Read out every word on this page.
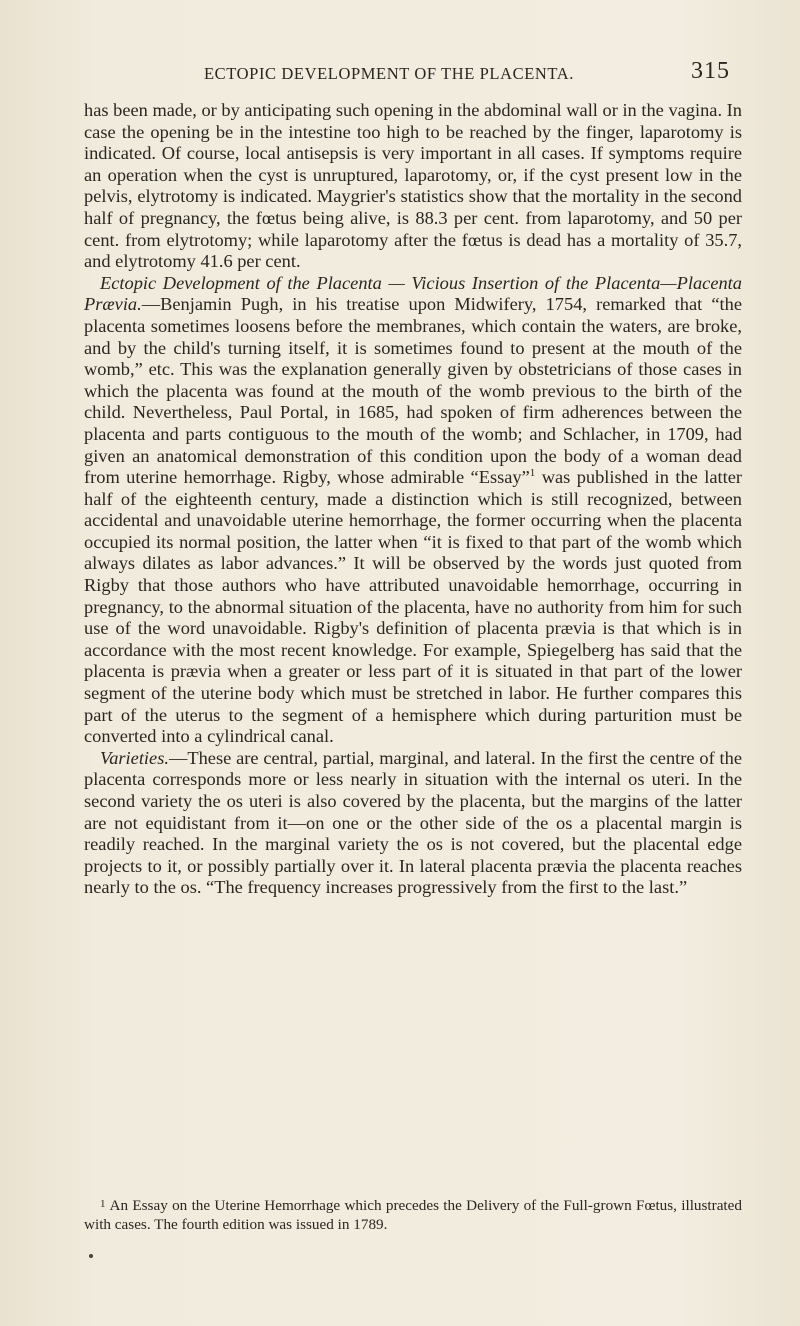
ECTOPIC DEVELOPMENT OF THE PLACENTA.	315

has been made, or by anticipating such opening in the abdominal wall or in the vagina. In case the opening be in the intestine too high to be reached by the finger, laparotomy is indicated. Of course, local antisepsis is very important in all cases. If symptoms require an operation when the cyst is unruptured, laparotomy, or, if the cyst present low in the pelvis, elytrotomy is indicated. Maygrier's statistics show that the mortality in the second half of pregnancy, the fœtus being alive, is 88.3 per cent. from laparotomy, and 50 per cent. from elytrotomy; while laparotomy after the fœtus is dead has a mortality of 35.7, and elytrotomy 41.6 per cent.

Ectopic Development of the Placenta — Vicious Insertion of the Placenta—Placenta Prævia.—Benjamin Pugh, in his treatise upon Midwifery, 1754, remarked that “the placenta sometimes loosens before the membranes, which contain the waters, are broke, and by the child's turning itself, it is sometimes found to present at the mouth of the womb,” etc. This was the explanation generally given by obstetricians of those cases in which the placenta was found at the mouth of the womb previous to the birth of the child. Nevertheless, Paul Portal, in 1685, had spoken of firm adherences between the placenta and parts contiguous to the mouth of the womb; and Schlacher, in 1709, had given an anatomical demonstration of this condition upon the body of a woman dead from uterine hemorrhage. Rigby, whose admirable “Essay”$^1$ was published in the latter half of the eighteenth century, made a distinction which is still recognized, between accidental and unavoidable uterine hemorrhage, the former occurring when the placenta occupied its normal position, the latter when “it is fixed to that part of the womb which always dilates as labor advances.” It will be observed by the words just quoted from Rigby that those authors who have attributed unavoidable hemorrhage, occurring in pregnancy, to the abnormal situation of the placenta, have no authority from him for such use of the word unavoidable. Rigby's definition of placenta prævia is that which is in accordance with the most recent knowledge. For example, Spiegelberg has said that the placenta is prævia when a greater or less part of it is situated in that part of the lower segment of the uterine body which must be stretched in labor. He further compares this part of the uterus to the segment of a hemisphere which during parturition must be converted into a cylindrical canal.

Varieties.—These are central, partial, marginal, and lateral. In the first the centre of the placenta corresponds more or less nearly in situation with the internal os uteri. In the second variety the os uteri is also covered by the placenta, but the margins of the latter are not equidistant from it—on one or the other side of the os a placental margin is readily reached. In the marginal variety the os is not covered, but the placental edge projects to it, or possibly partially over it. In lateral placenta prævia the placenta reaches nearly to the os. “The frequency increases progressively from the first to the last.”

1 An Essay on the Uterine Hemorrhage which precedes the Delivery of the Full-grown Fœtus, illustrated with cases. The fourth edition was issued in 1789.
